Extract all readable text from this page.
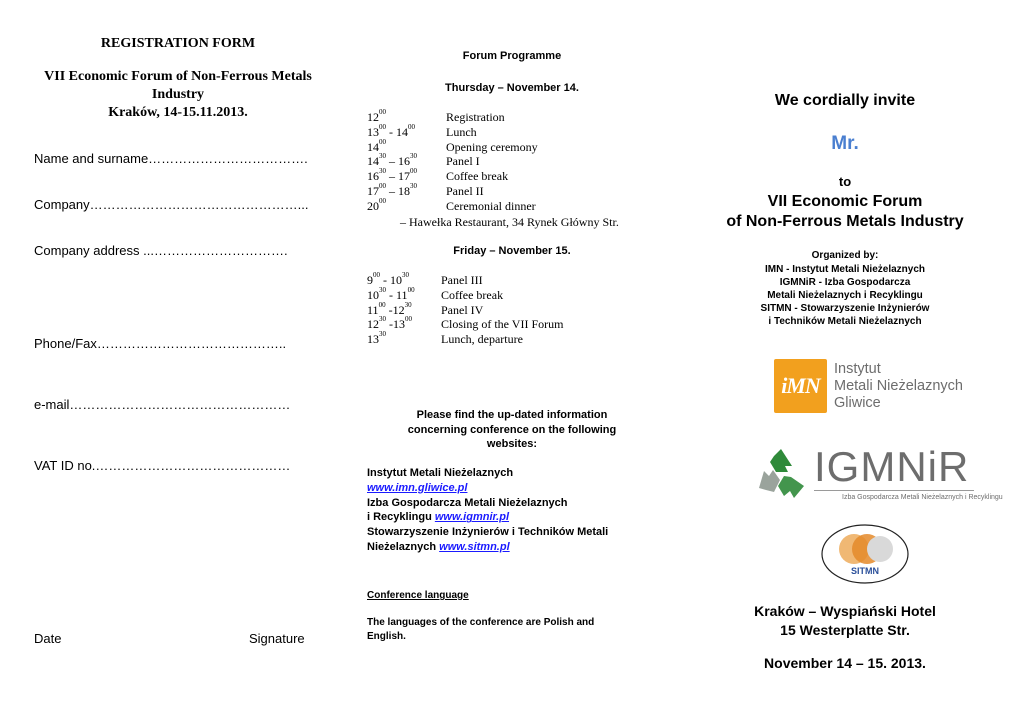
REGISTRATION FORM
VII Economic Forum of Non-Ferrous Metals
Industry
Kraków, 14-15.11.2013.
Name and surname……………………………….
Company…………………………………………...
Company address ...………………………….
Phone/Fax……………………………………..
e-mail……………………………………………
VAT ID no.………………………………………
Date	Signature
Forum Programme
Thursday – November 14.
$12^{00}$	Registration
$13^{00} - 14^{00}$	Lunch
$14^{00}$	Opening ceremony
$14^{30} - 16^{30}$ Panel I
$16^{30} - 17^{00}$ Coffee break
$17^{00} - 18^{30}$ Panel II
$20^{00}$	Ceremonial dinner
– Hawełka Restaurant, 34 Rynek Główny Str.
Friday – November 15.
$9^{00} - 10^{30}$	Panel III
$10^{30} - 11^{00}$ Coffee break
$11^{00}$ $-12^{30}$ Panel IV
$12^{30}$ $-13^{00}$ Closing of the VII Forum
$13^{30}$	Lunch, departure
Please find the up-dated information
concerning conference on the following
websites:
Instytut Metali Nieżelaznych
www.imn.gliwice.pl
Izba Gospodarcza Metali Nieżelaznych
i Recyklingu www.igmnir.pl
Stowarzyszenie Inżynierów i Techników Metali
Nieżelaznych www.sitmn.pl
Conference language
The languages of the conference are Polish and
English.
We cordially invite
Mr.
to
VII Economic Forum
of Non-Ferrous Metals Industry
Organized by:
IMN - Instytut Metali Nieżelaznych
IGMNiR - Izba Gospodarcza
Metali Nieżelaznych i Recyklingu
SITMN - Stowarzyszenie Inżynierów
i Techników Metali Nieżelaznych
iMN
Instytut
Metali Nieżelaznych
Gliwice
IGMNiR
Izba Gospodarcza Metali Nieżelaznych i Recyklingu
SITMN
Kraków – Wyspiański Hotel
15 Westerplatte Str.
November 14 – 15. 2013.
